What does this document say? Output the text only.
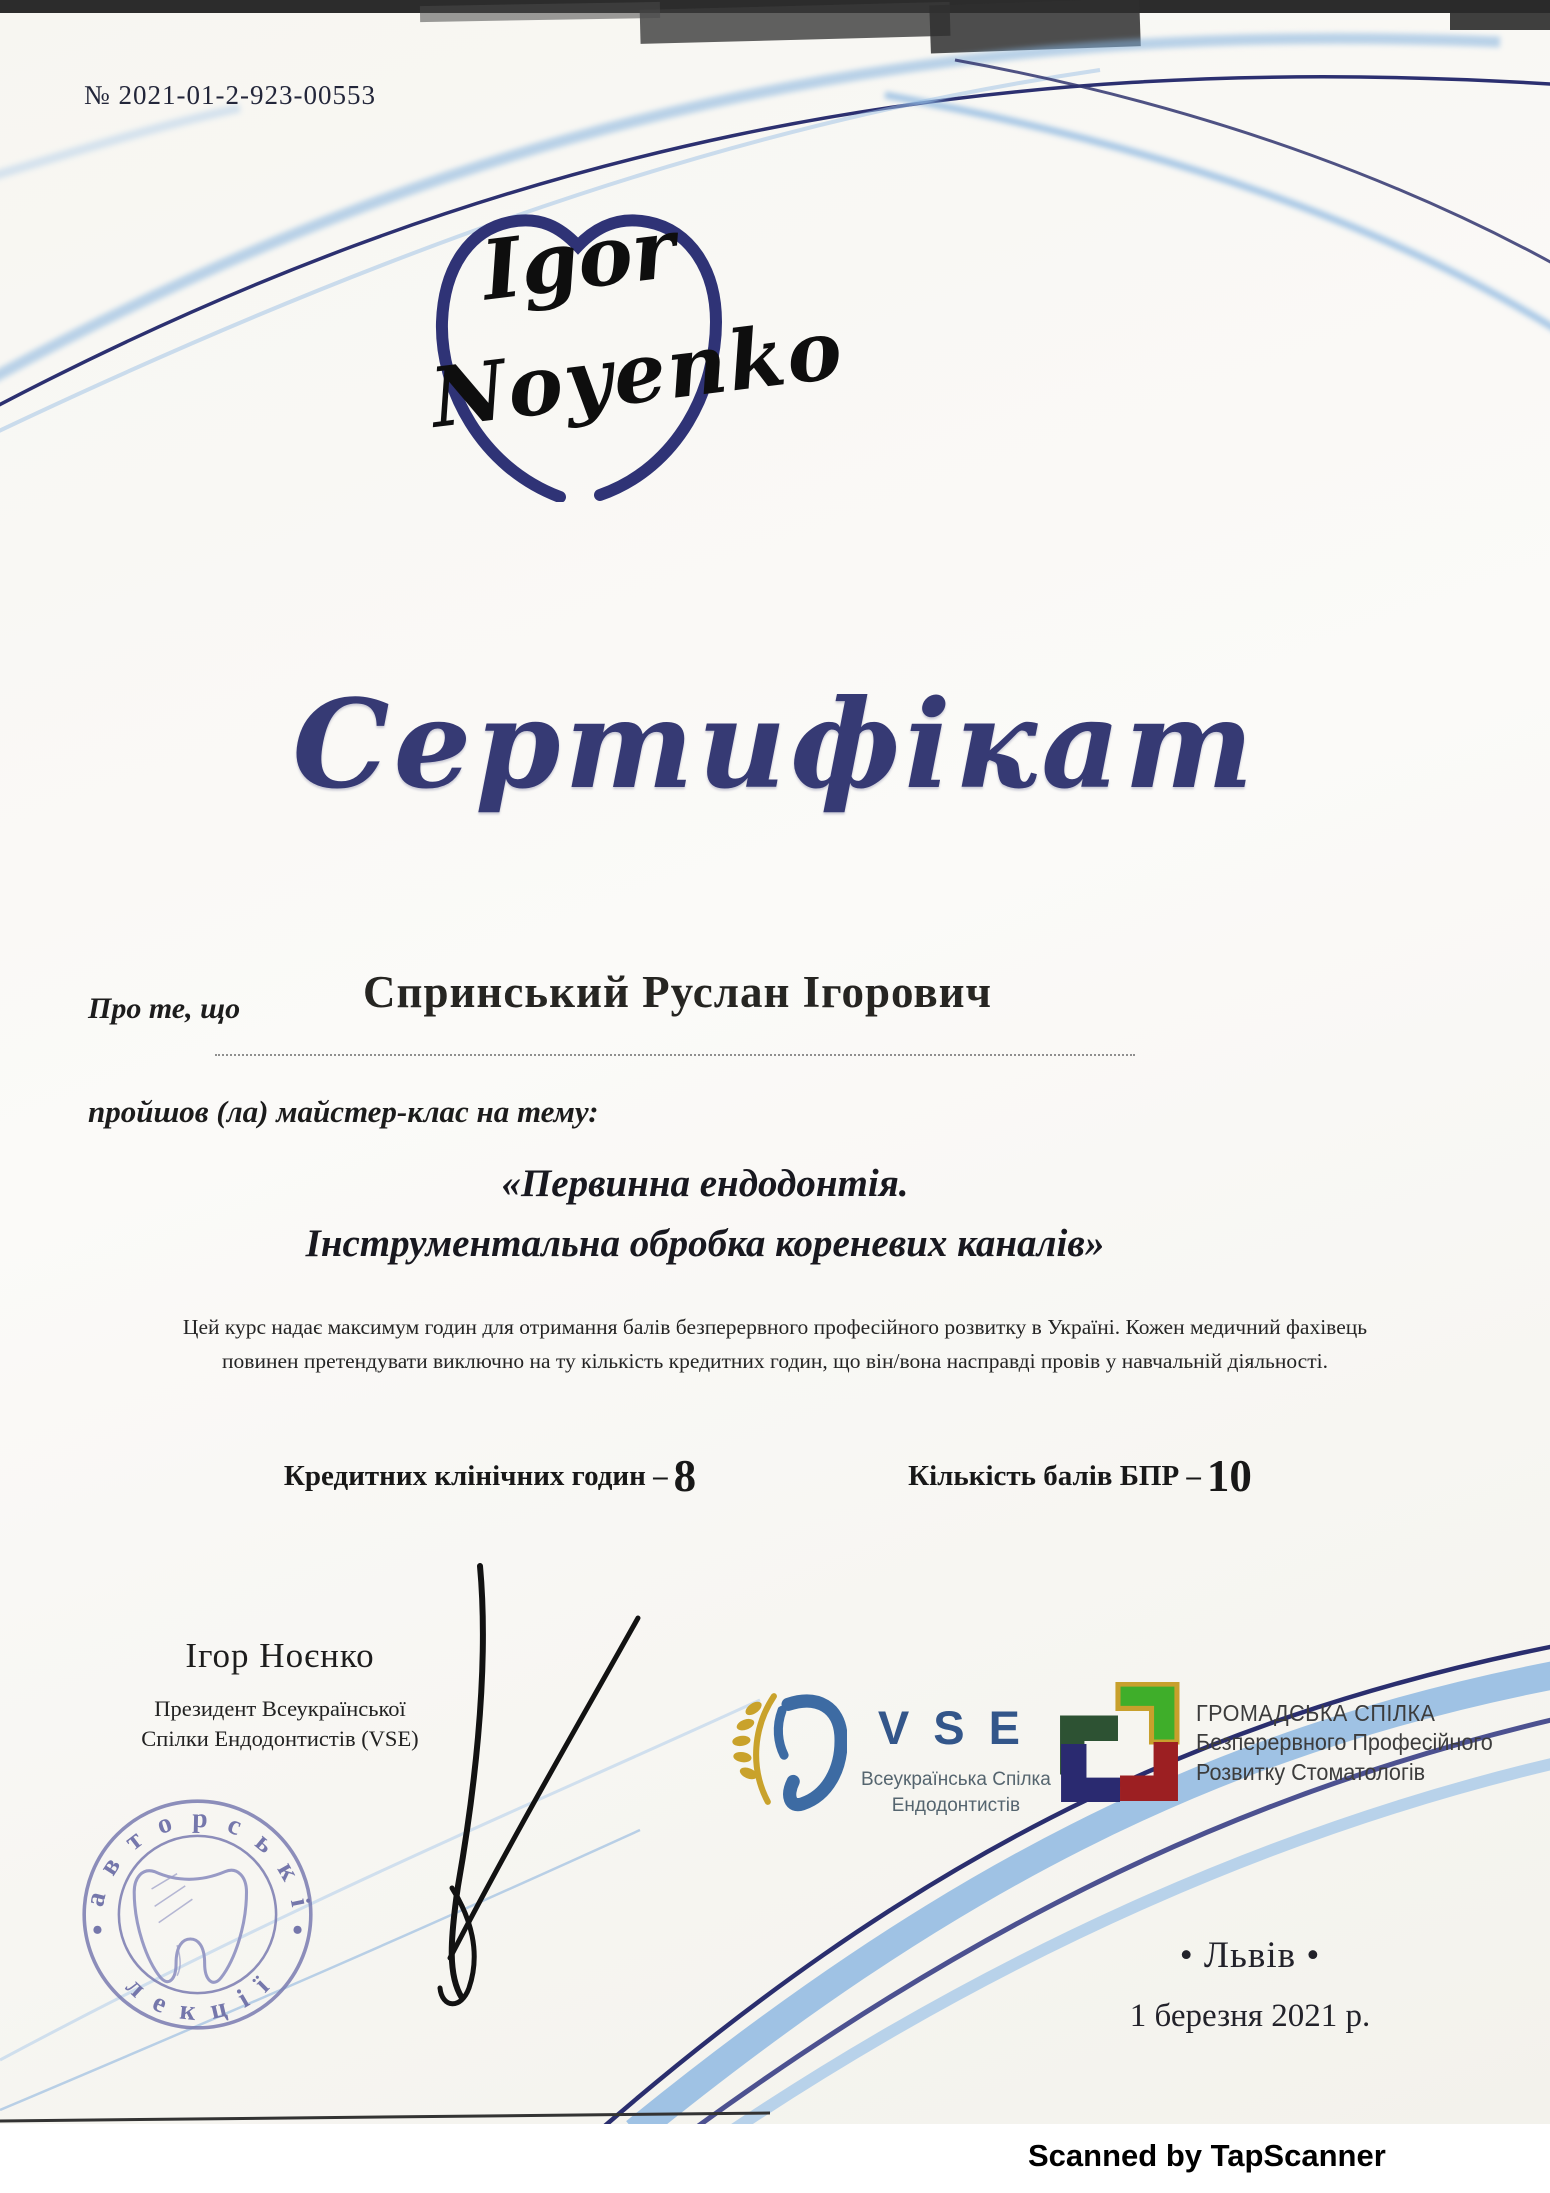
№ 2021-01-2-923-00553
Igor
Noyenko
Сертифікат
Про те, що	Спринський Руслан Ігорович
пройшов (ла) майстер-клас на тему:
«Первинна ендодонтія.
Інструментальна обробка кореневих каналів»
Цей курс надає максимум годин для отримання балів безперервного професійного розвитку в Україні. Кожен медичний фахівець
повинен претендувати виключно на ту кількість кредитних годин, що він/вона насправді провів у навчальній діяльності.
Кредитних клінічних годин – 8	Кількість балів БПР – 10
Ігор Ноєнко
Президент Всеукраїнської
Спілки Ендодонтистів (VSE)	VSE
Всеукраїнська Спілка
Ендодонтистів
ГРОМАДСЬКА СПІЛКА
Безперервного Професійного
Розвитку Стоматологів
авторські
лекції
• Львів •
1 березня 2021 р.
Scanned by TapScanner
